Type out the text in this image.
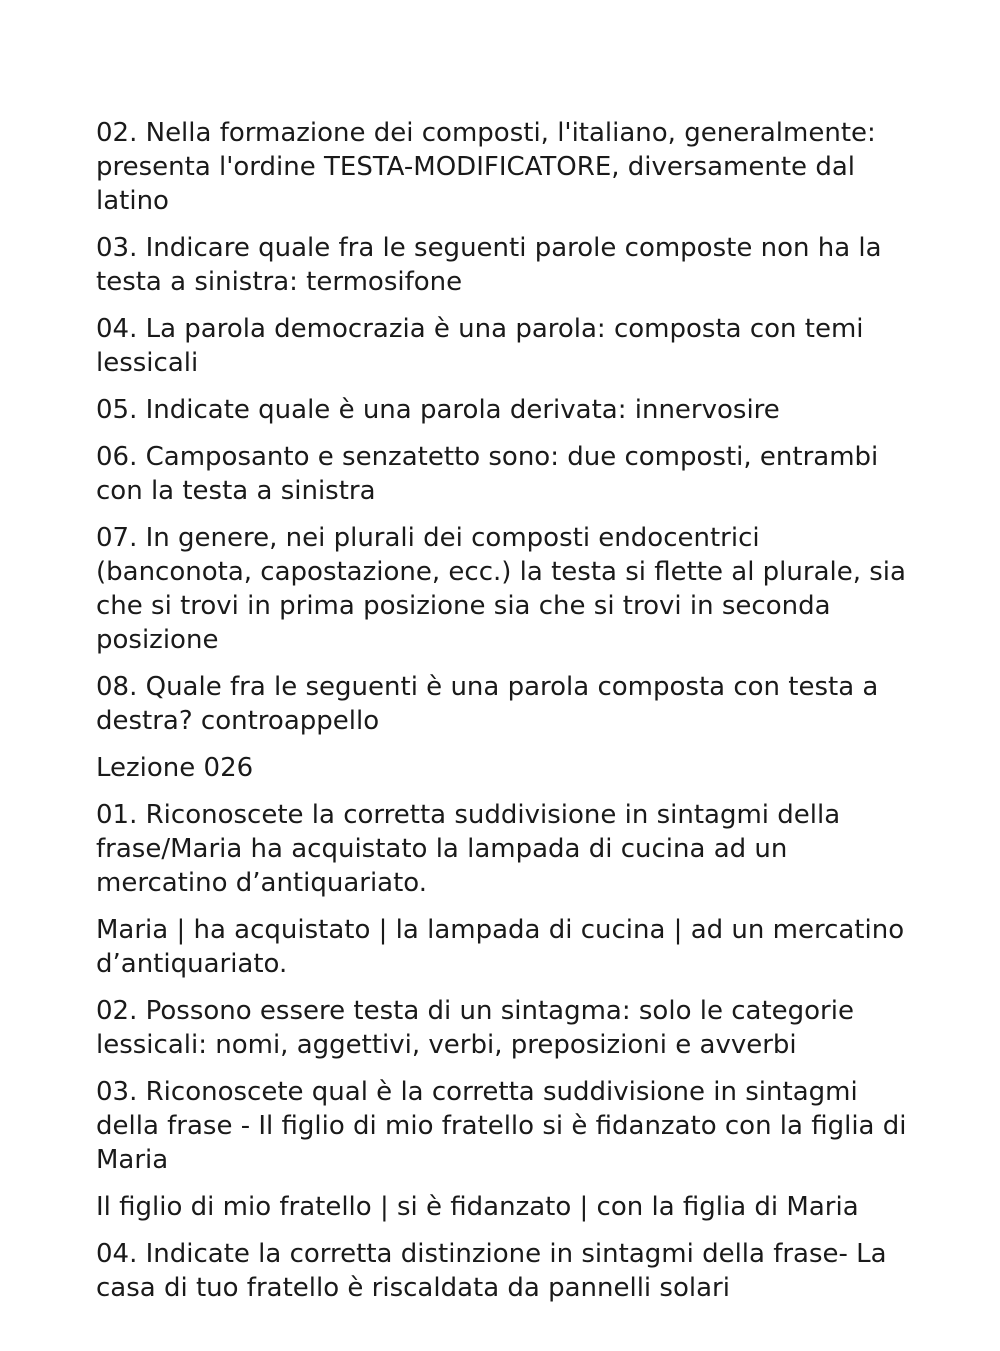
02. Nella formazione dei composti, l'italiano, generalmente: presenta l'ordine TESTA-MODIFICATORE, diversamente dal latino

03. Indicare quale fra le seguenti parole composte non ha la testa a sinistra: termosifone

04. La parola democrazia è una parola: composta con temi lessicali

05. Indicate quale è una parola derivata: innervosire

06. Camposanto e senzatetto sono: due composti, entrambi con la testa a sinistra

07. In genere, nei plurali dei composti endocentrici (banconota, capostazione, ecc.) la testa si flette al plurale, sia che si trovi in prima posizione sia che si trovi in seconda posizione

08. Quale fra le seguenti è una parola composta con testa a destra? controappello

Lezione 026

01. Riconoscete la corretta suddivisione in sintagmi della frase/Maria ha acquistato la lampada di cucina ad un mercatino d’antiquariato.

Maria | ha acquistato | la lampada di cucina | ad un mercatino d’antiquariato.

02. Possono essere testa di un sintagma: solo le categorie lessicali: nomi, aggettivi, verbi, preposizioni e avverbi

03. Riconoscete qual è la corretta suddivisione in sintagmi della frase - Il figlio di mio fratello si è fidanzato con la figlia di Maria

Il figlio di mio fratello | si è fidanzato | con la figlia di Maria

04. Indicate la corretta distinzione in sintagmi della frase- La casa di tuo fratello è riscaldata da pannelli solari
